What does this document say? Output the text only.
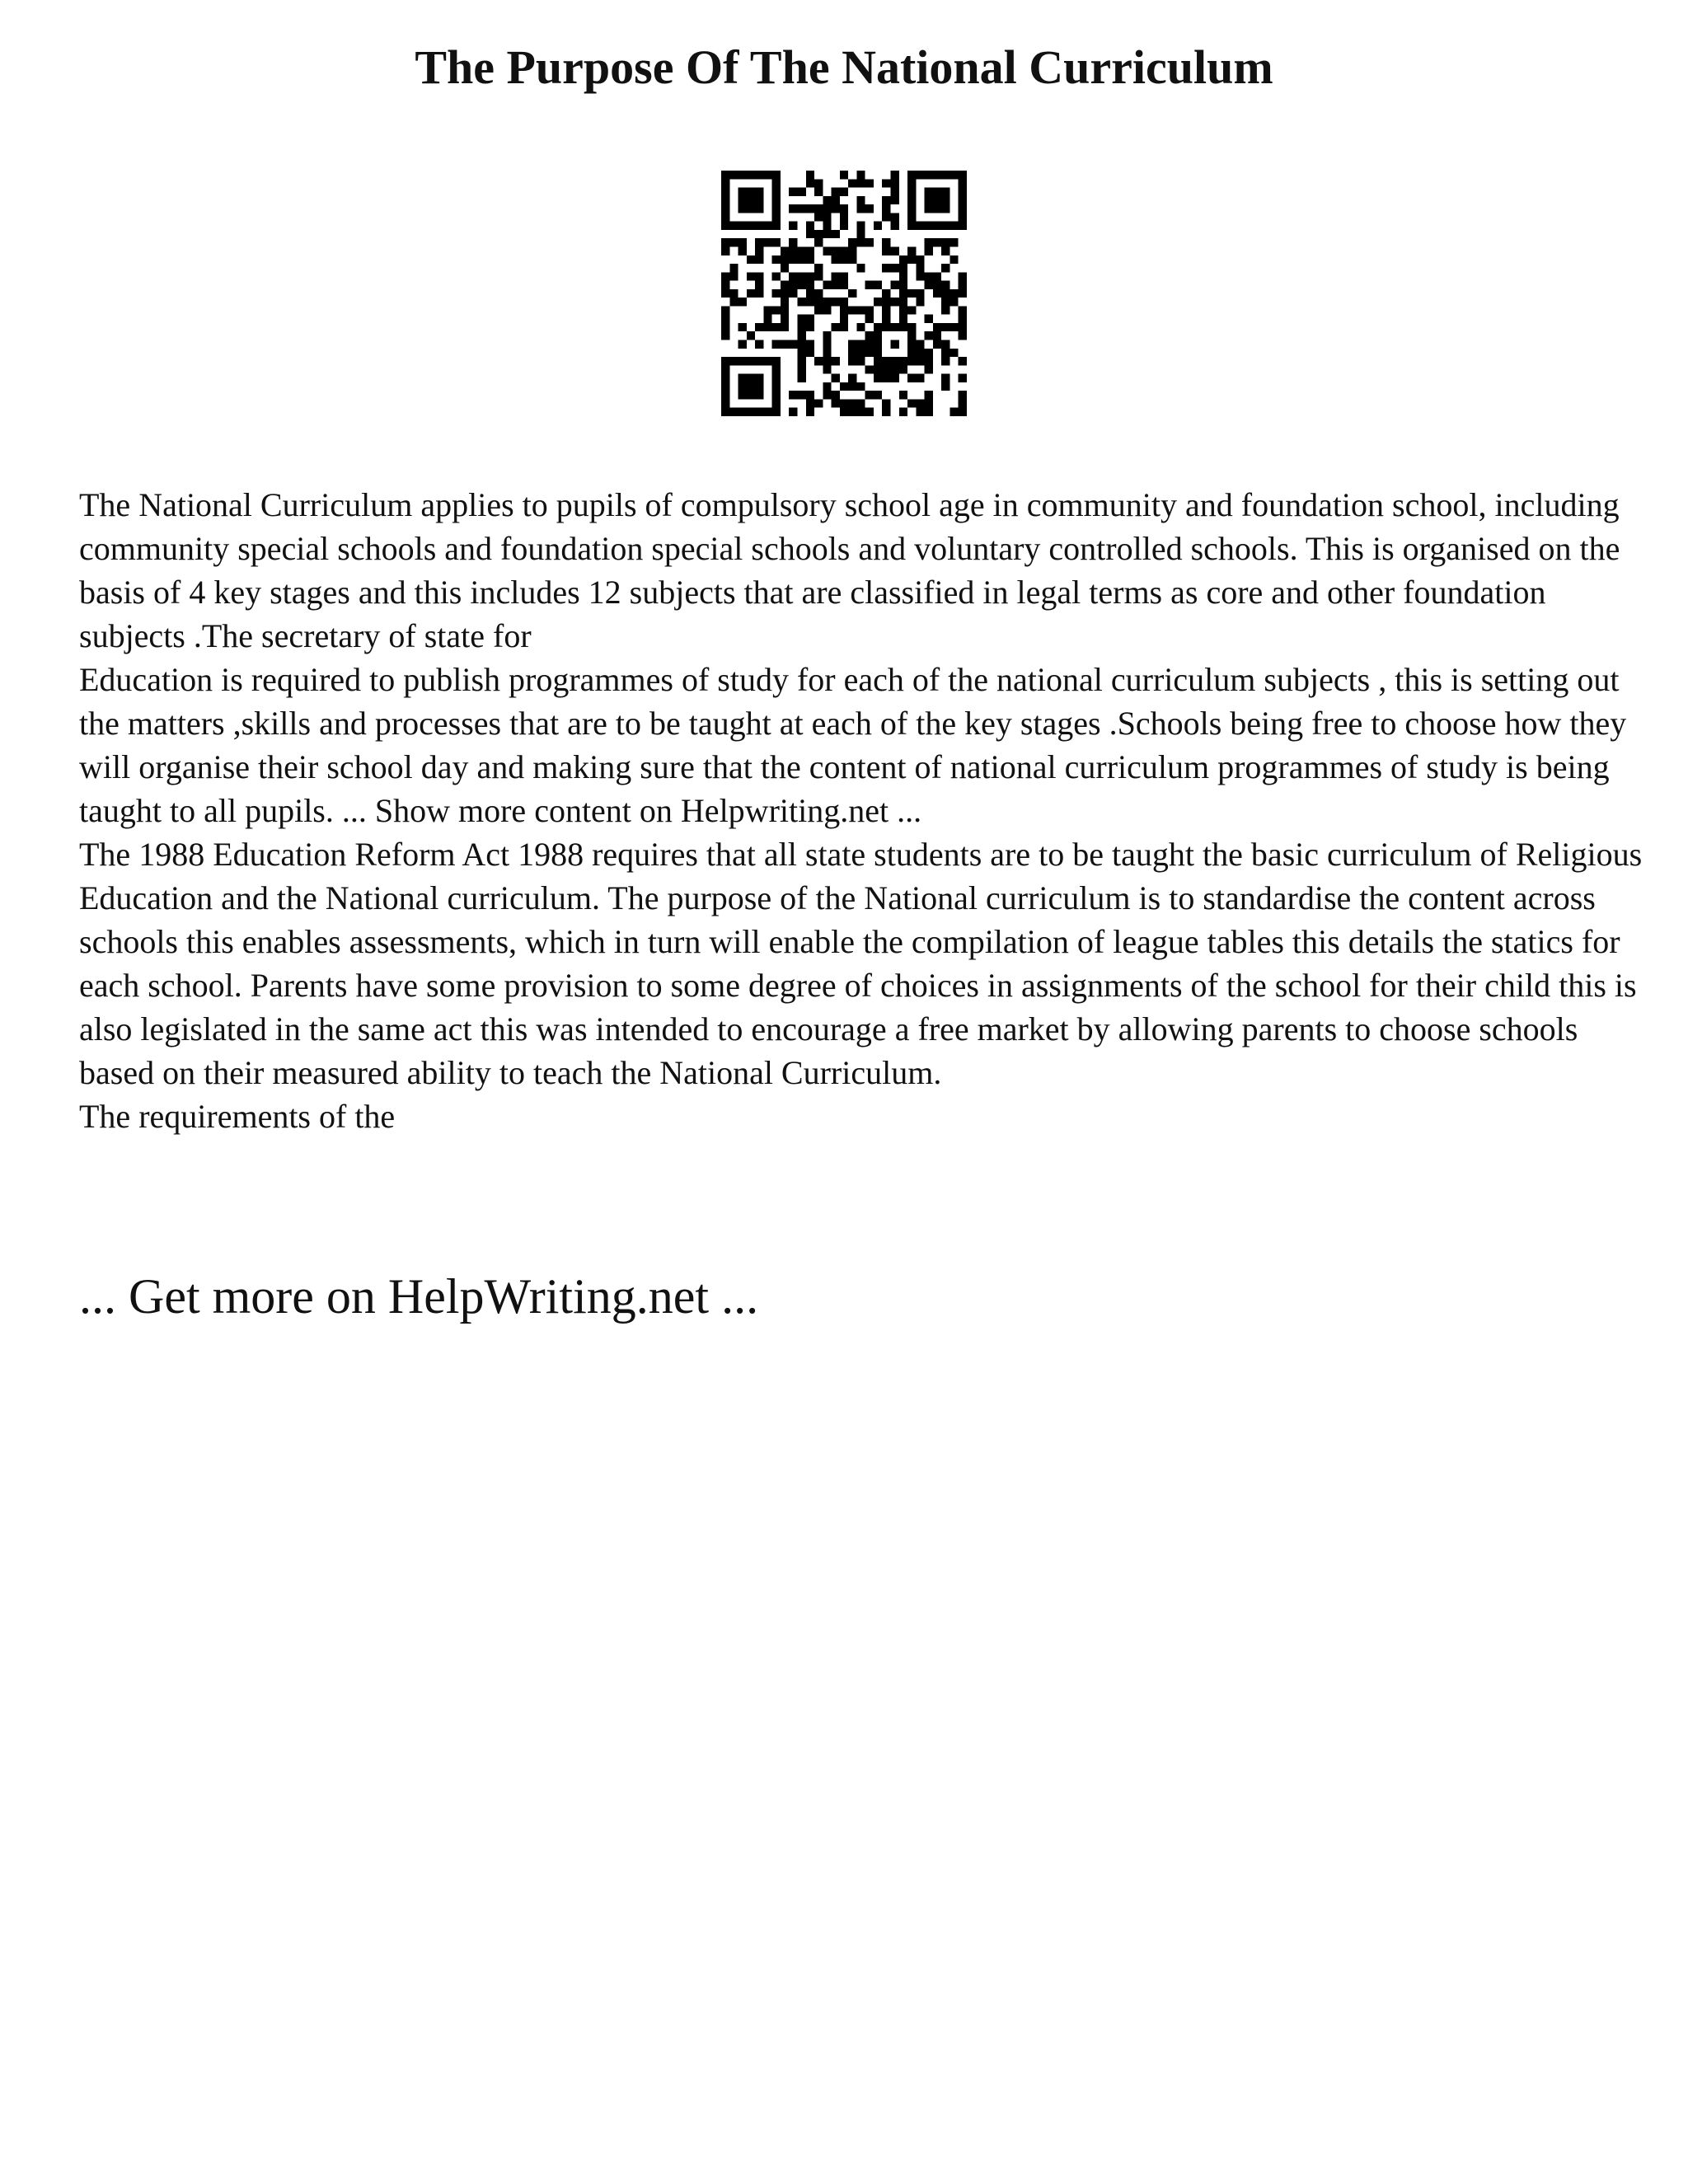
The Purpose Of The National Curriculum

The National Curriculum applies to pupils of compulsory school age in community and foundation school, including community special schools and foundation special schools and voluntary controlled schools. This is organised on the basis of 4 key stages and this includes 12 subjects that are classified in legal terms as core and other foundation subjects .The secretary of state for

Education is required to publish programmes of study for each of the national curriculum subjects , this is setting out the matters ,skills and processes that are to be taught at each of the key stages .Schools being free to choose how they will organise their school day and making sure that the content of national curriculum programmes of study is being taught to all pupils. ... Show more content on Helpwriting.net ...

The 1988 Education Reform Act 1988 requires that all state students are to be taught the basic curriculum of Religious Education and the National curriculum. The purpose of the National curriculum is to standardise the content across schools this enables assessments, which in turn will enable the compilation of league tables this details the statics for each school. Parents have some provision to some degree of choices in assignments of the school for their child this is also legislated in the same act this was intended to encourage a free market by allowing parents to choose schools based on their measured ability to teach the National Curriculum.

The requirements of the

... Get more on HelpWriting.net ...
